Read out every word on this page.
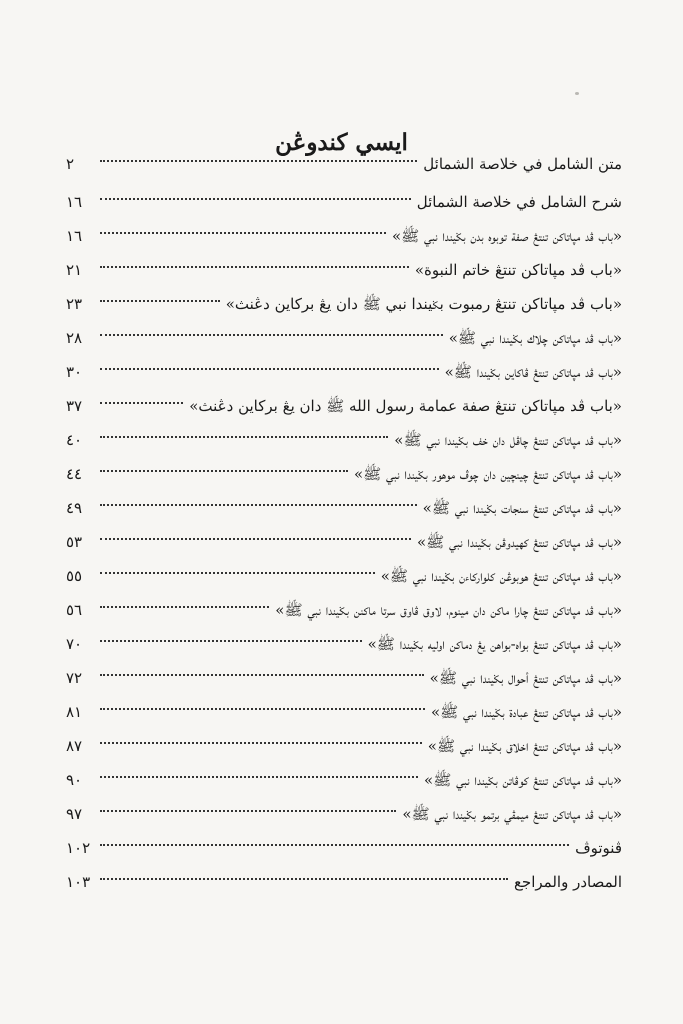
ايسي كندوڠن
متن الشامل في خلاصة الشمائل
٢
شرح الشامل في خلاصة الشمائل
١٦
«باب ڤد مپاتاكن تنتڠ صفة توبوه بدن بݢيندا نبي ﷺ»
١٦
«باب ڤد مپاتاكن تنتڠ خاتم النبوة»
٢١
«باب ڤد مپاتاكن تنتڠ رمبوت بݢيندا نبي ﷺ دان يڠ بركاين دڠنث»
٢٣
«باب ڤد مپاتاكن چلاك بݢيندا نبي ﷺ»
٢٨
«باب ڤد مپاتاكن تنتڠ ڤاكاين بݢيندا ﷺ»
٣٠
«باب ڤد مپاتاكن تنتڠ صفة عمامة رسول الله ﷺ دان يڠ بركاين دڠنث»
٣٧
«باب ڤد مپاتاكن تنتڠ چاڤل دان خف بݢيندا نبي ﷺ»
٤٠
«باب ڤد مپاتاكن تنتڠ چينچين دان چوڤ موهور بݢيندا نبي ﷺ»
٤٤
«باب ڤد مپاتاكن تنتڠ سنجات بݢيندا نبي ﷺ»
٤٩
«باب ڤد مپاتاكن تنتڠ كهيدوڤن بݢيندا نبي ﷺ»
٥٣
«باب ڤد مپاتاكن تنتڠ هوبوڠن كلواركاءن بݢيندا نبي ﷺ»
٥٥
«باب ڤد مپاتاكن تنتڠ چارا ماكن دان مينوم، لاوق ڤاوق سرتا ماكنن بݢيندا نبي ﷺ»
٥٦
«باب ڤد مپاتاكن تنتڠ بواه-بواهن يڠ دماكن اوليه بݢيندا ﷺ»
٧٠
«باب ڤد مپاتاكن تنتڠ أحوال بݢيندا نبي ﷺ»
٧٢
«باب ڤد مپاتاكن تنتڠ عبادة بݢيندا نبي ﷺ»
٨١
«باب ڤد مپاتاكن تنتڠ اخلاق بݢيندا نبي ﷺ»
٨٧
«باب ڤد مپاتاكن تنتڠ كوڤاتن بݢيندا نبي ﷺ»
٩٠
«باب ڤد مپاتاكن تنتڠ ميمڤي برتمو بݢيندا نبي ﷺ»
٩٧
ڤنوتوڤ
١٠٢
المصادر والمراجع
١٠٣
